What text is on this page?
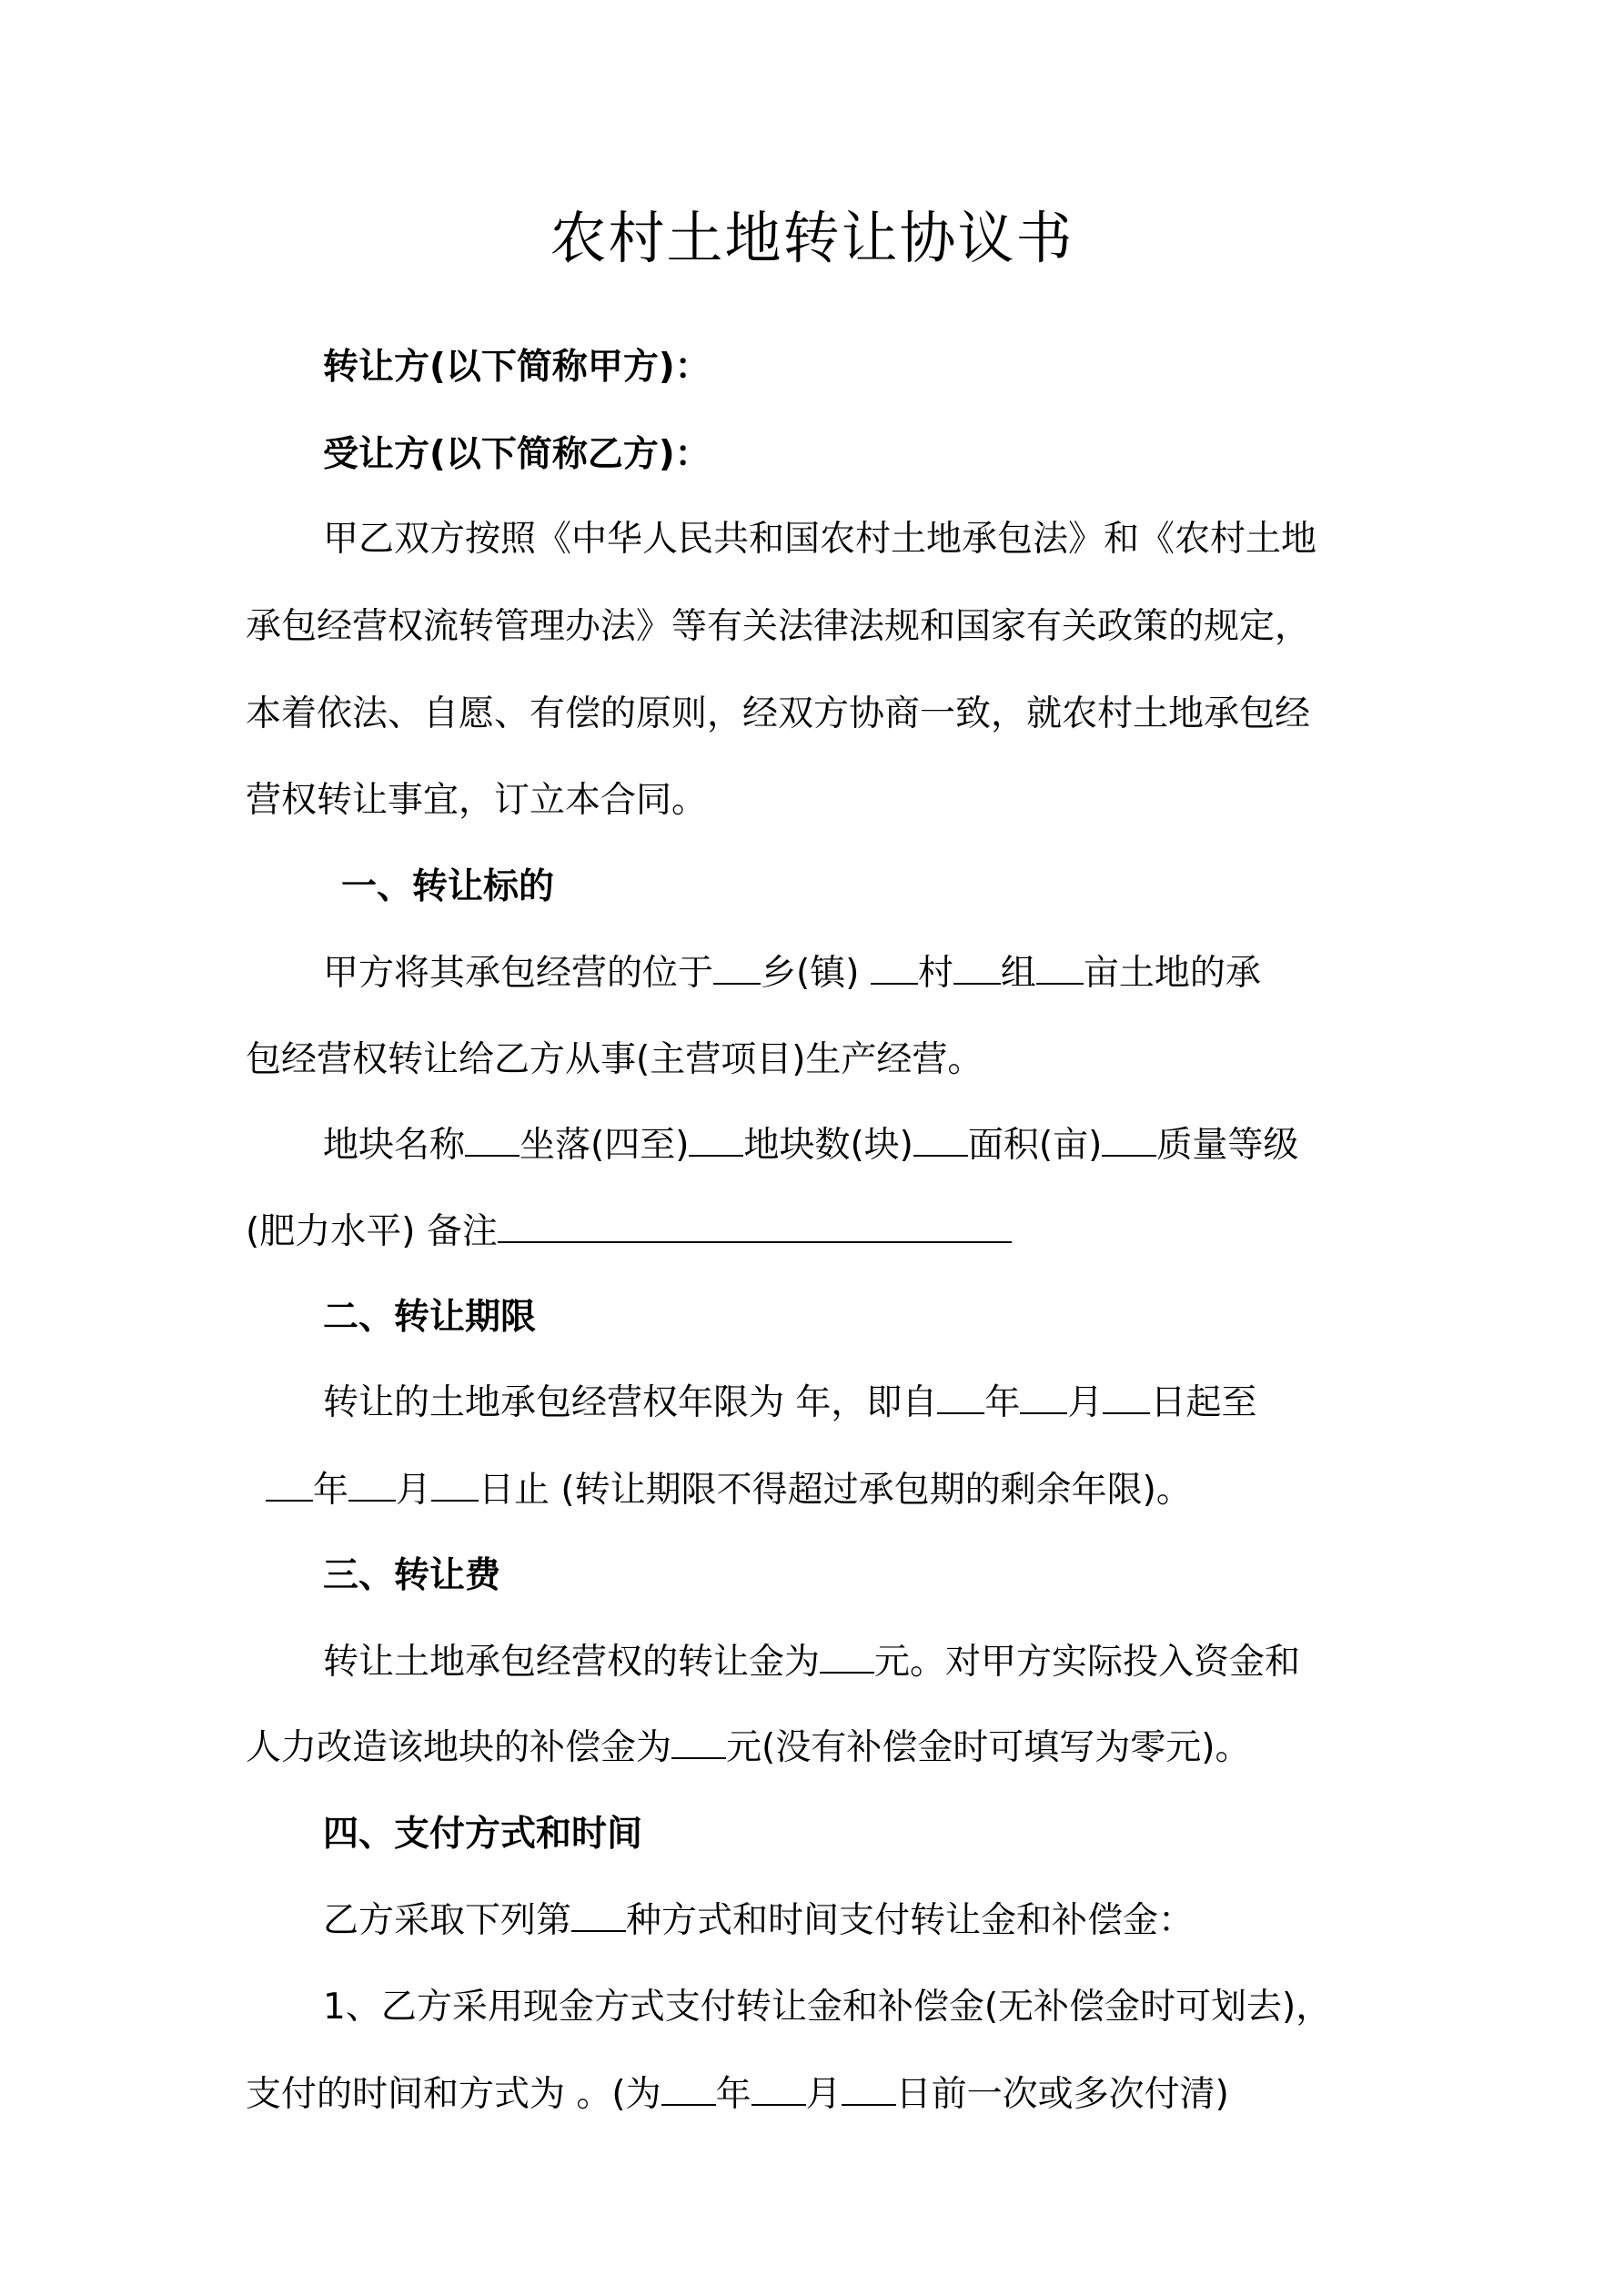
农村土地转让协议书
转让方(以下简称甲方)：
受让方(以下简称乙方)：
甲乙双方按照《中华人民共和国农村土地承包法》和《农村土地
承包经营权流转管理办法》等有关法律法规和国家有关政策的规定，
本着依法、自愿、有偿的原则，经双方协商一致，就农村土地承包经
营权转让事宜，订立本合同。
一、转让标的
甲方将其承包经营的位于 乡(镇) 村 组 亩土地的承
包经营权转让给乙方从事(主营项目)生产经营。
地块名称 坐落(四至) 地块数(块) 面积(亩) 质量等级
(肥力水平) 备注
二、转让期限
转让的土地承包经营权年限为 年，即自 年 月 日起至
年 月 日止 (转让期限不得超过承包期的剩余年限)。
三、转让费
转让土地承包经营权的转让金为 元。对甲方实际投入资金和
人力改造该地块的补偿金为 元(没有补偿金时可填写为零元)。
四、支付方式和时间
乙方采取下列第 种方式和时间支付转让金和补偿金：
1、乙方采用现金方式支付转让金和补偿金(无补偿金时可划去)，
支付的时间和方式为 。(为 年 月 日前一次或多次付清)
